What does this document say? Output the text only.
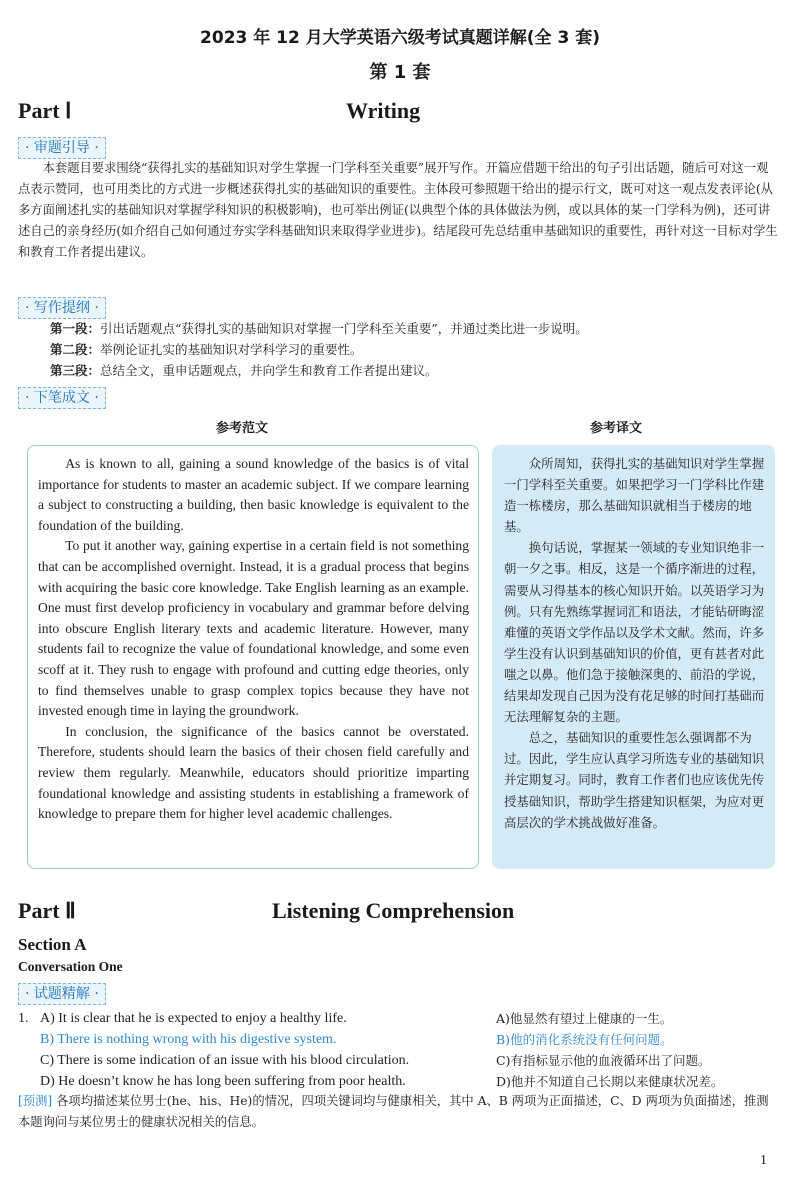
2023 年 12 月大学英语六级考试真题详解(全 3 套)
第 1 套
Part Ⅰ	Writing
· 审题引导 ·

本套题目要求围绕“获得扎实的基础知识对学生掌握一门学科至关重要”展开写作。开篇应借题干给出的句子引出话题，随后可对这一观点表示赞同，也可用类比的方式进一步概述获得扎实的基础知识的重要性。主体段可参照题干给出的提示行文，既可对这一观点发表评论(从多方面阐述扎实的基础知识对掌握学科知识的积极影响)，也可举出例证(以典型个体的具体做法为例，或以具体的某一门学科为例)，还可讲述自己的亲身经历(如介绍自己如何通过夯实学科基础知识来取得学业进步)。结尾段可先总结重申基础知识的重要性，再针对这一目标对学生和教育工作者提出建议。

· 写作提纲 ·

第一段：引出话题观点“获得扎实的基础知识对掌握一门学科至关重要”，并通过类比进一步说明。

第二段：举例论证扎实的基础知识对学科学习的重要性。

第三段：总结全文，重申话题观点，并向学生和教育工作者提出建议。

· 下笔成文 ·
参考范文	参考译文

As is known to all, gaining a sound knowledge of the basics is of vital importance for students to master an academic subject. If we compare learning a subject to constructing a building, then basic knowledge is equivalent to the foundation of the building.

To put it another way, gaining expertise in a certain field is not something that can be accomplished overnight. Instead, it is a gradual process that begins with acquiring the basic core knowledge. Take English learning as an example. One must first develop proficiency in vocabulary and grammar before delving into obscure English literary texts and academic literature. However, many students fail to recognize the value of foundational knowledge, and some even scoff at it. They rush to engage with profound and cutting edge theories, only to find themselves unable to grasp complex topics because they have not invested enough time in laying the groundwork.

In conclusion, the significance of the basics cannot be overstated. Therefore, students should learn the basics of their chosen field carefully and review them regularly. Meanwhile, educators should prioritize imparting foundational knowledge and assisting students in establishing a framework of knowledge to prepare them for higher level academic challenges.

众所周知，获得扎实的基础知识对学生掌握一门学科至关重要。如果把学习一门学科比作建造一栋楼房，那么基础知识就相当于楼房的地基。

换句话说，掌握某一领域的专业知识绝非一朝一夕之事。相反，这是一个循序渐进的过程，需要从习得基本的核心知识开始。以英语学习为例。只有先熟练掌握词汇和语法，才能钻研晦涩难懂的英语文学作品以及学术文献。然而，许多学生没有认识到基础知识的价值，更有甚者对此嗤之以鼻。他们急于接触深奥的、前沿的学说，结果却发现自己因为没有花足够的时间打基础而无法理解复杂的主题。

总之，基础知识的重要性怎么强调都不为过。因此，学生应认真学习所选专业的基础知识并定期复习。同时，教育工作者们也应该优先传授基础知识，帮助学生搭建知识框架，为应对更高层次的学术挑战做好准备。

Part Ⅱ	Listening Comprehension
Section A
Conversation One
· 试题精解 ·
1. A) It is clear that he is expected to enjoy a healthy life.
B) There is nothing wrong with his digestive system.
C) There is some indication of an issue with his blood circulation.
D) He doesn’t know he has long been suffering from poor health.
A)他显然有望过上健康的一生。
B)他的消化系统没有任何问题。
C)有指标显示他的血液循环出了问题。
D)他并不知道自己长期以来健康状况差。
[预测] 各项均描述某位男士(he、his、He)的情况，四项关键词均与健康相关，其中 A、B 两项为正面描述，C、D 两项为负面描述，推测本题询问与某位男士的健康状况相关的信息。
1
